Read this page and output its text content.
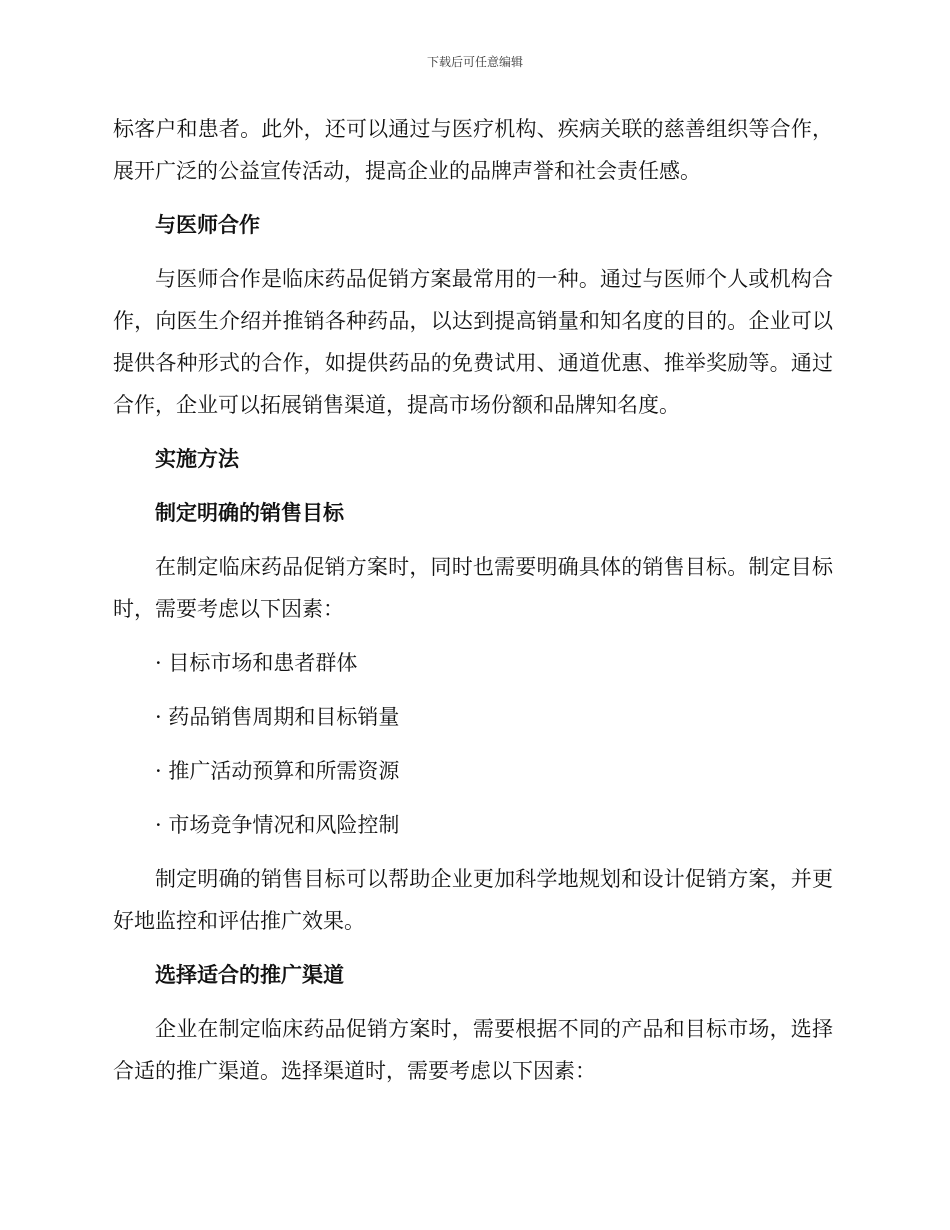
下载后可任意编辑

标客户和患者。此外，还可以通过与医疗机构、疾病关联的慈善组织等合作，展开广泛的公益宣传活动，提高企业的品牌声誉和社会责任感。

与医师合作

与医师合作是临床药品促销方案最常用的一种。通过与医师个人或机构合作，向医生介绍并推销各种药品，以达到提高销量和知名度的目的。企业可以提供各种形式的合作，如提供药品的免费试用、通道优惠、推举奖励等。通过合作，企业可以拓展销售渠道，提高市场份额和品牌知名度。

实施方法
制定明确的销售目标

在制定临床药品促销方案时，同时也需要明确具体的销售目标。制定目标时，需要考虑以下因素：

· 目标市场和患者群体
· 药品销售周期和目标销量
· 推广活动预算和所需资源
· 市场竞争情况和风险控制

制定明确的销售目标可以帮助企业更加科学地规划和设计促销方案，并更好地监控和评估推广效果。

选择适合的推广渠道

企业在制定临床药品促销方案时，需要根据不同的产品和目标市场，选择合适的推广渠道。选择渠道时，需要考虑以下因素：
